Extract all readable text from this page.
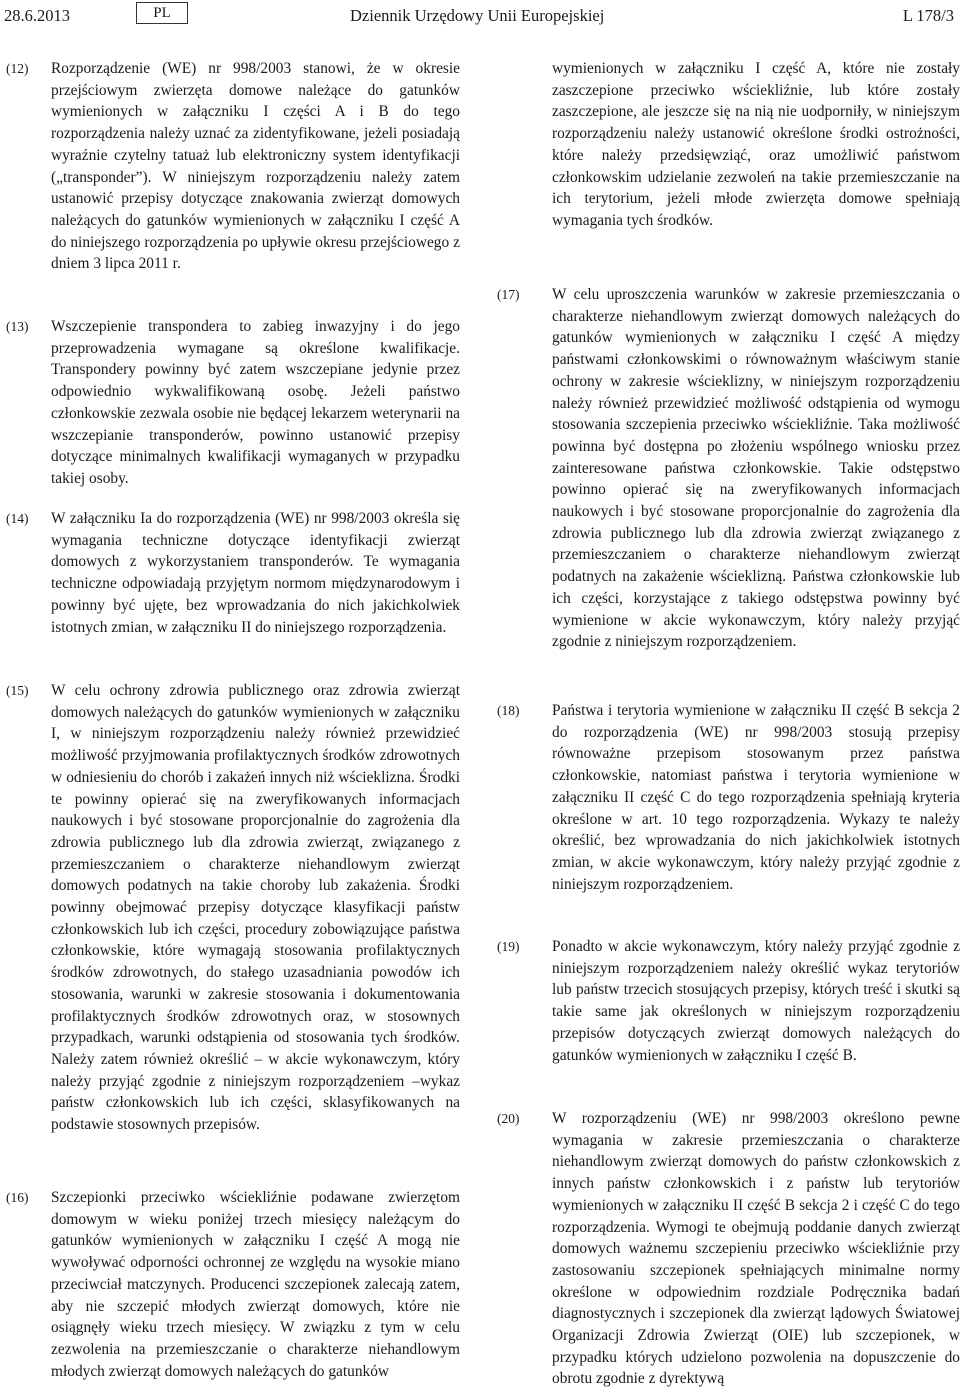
28.6.2013	PL	Dziennik Urzędowy Unii Europejskiej	L 178/3
(12) Rozporządzenie (WE) nr 998/2003 stanowi, że w okresie przejściowym zwierzęta domowe należące do gatunków wymienionych w załączniku I części A i B do tego rozporządzenia należy uznać za zidentyfikowane, jeżeli posiadają wyraźnie czytelny tatuaż lub elektroniczny system identyfikacji („transponder”). W niniejszym rozporządzeniu należy zatem ustanowić przepisy dotyczące znakowania zwierząt domowych należących do gatunków wymienionych w załączniku I część A do niniejszego rozporządzenia po upływie okresu przejściowego z dniem 3 lipca 2011 r.

(13) Wszczepienie transpondera to zabieg inwazyjny i do jego przeprowadzenia wymagane są określone kwalifikacje. Transpondery powinny być zatem wszczepiane jedynie przez odpowiednio wykwalifikowaną osobę. Jeżeli państwo członkowskie zezwala osobie nie będącej lekarzem weterynarii na wszczepianie transponderów, powinno ustanowić przepisy dotyczące minimalnych kwalifikacji wymaganych w przypadku takiej osoby.

(14) W załączniku Ia do rozporządzenia (WE) nr 998/2003 określa się wymagania techniczne dotyczące identyfikacji zwierząt domowych z wykorzystaniem transponderów. Te wymagania techniczne odpowiadają przyjętym normom międzynarodowym i powinny być ujęte, bez wprowadzania do nich jakichkolwiek istotnych zmian, w załączniku II do niniejszego rozporządzenia.

(15) W celu ochrony zdrowia publicznego oraz zdrowia zwierząt domowych należących do gatunków wymienionych w załączniku I, w niniejszym rozporządzeniu należy również przewidzieć możliwość przyjmowania profilaktycznych środków zdrowotnych w odniesieniu do chorób i zakażeń innych niż wścieklizna. Środki te powinny opierać się na zweryfikowanych informacjach naukowych i być stosowane proporcjonalnie do zagrożenia dla zdrowia publicznego lub dla zdrowia zwierząt, związanego z przemieszczaniem o charakterze niehandlowym zwierząt domowych podatnych na takie choroby lub zakażenia. Środki powinny obejmować przepisy dotyczące klasyfikacji państw członkowskich lub ich części, procedury zobowiązujące państwa członkowskie, które wymagają stosowania profilaktycznych środków zdrowotnych, do stałego uzasadniania powodów ich stosowania, warunki w zakresie stosowania i dokumentowania profilaktycznych środków zdrowotnych oraz, w stosownych przypadkach, warunki odstąpienia od stosowania tych środków. Należy zatem również określić – w akcie wykonawczym, który należy przyjąć zgodnie z niniejszym rozporządzeniem –wykaz państw członkowskich lub ich części, sklasyfikowanych na podstawie stosownych przepisów.

(16) Szczepionki przeciwko wściekliźnie podawane zwierzętom domowym w wieku poniżej trzech miesięcy należącym do gatunków wymienionych w załączniku I część A mogą nie wywoływać odporności ochronnej ze względu na wysokie miano przeciwciał matczynych. Producenci szczepionek zalecają zatem, aby nie szczepić młodych zwierząt domowych, które nie osiągnęły wieku trzech miesięcy. W związku z tym w celu zezwolenia na przemieszczanie o charakterze niehandlowym młodych zwierząt domowych należących do gatunków

wymienionych w załączniku I część A, które nie zostały zaszczepione przeciwko wściekliźnie, lub które zostały zaszczepione, ale jeszcze się na nią nie uodporniły, w niniejszym rozporządzeniu należy ustanowić określone środki ostrożności, które należy przedsięwziąć, oraz umożliwić państwom członkowskim udzielanie zezwoleń na takie przemieszczanie na ich terytorium, jeżeli młode zwierzęta domowe spełniają wymagania tych środków.

(17) W celu uproszczenia warunków w zakresie przemieszczania o charakterze niehandlowym zwierząt domowych należących do gatunków wymienionych w załączniku I część A między państwami członkowskimi o równoważnym właściwym stanie ochrony w zakresie wścieklizny, w niniejszym rozporządzeniu należy również przewidzieć możliwość odstąpienia od wymogu stosowania szczepienia przeciwko wściekliźnie. Taka możliwość powinna być dostępna po złożeniu wspólnego wniosku przez zainteresowane państwa członkowskie. Takie odstępstwo powinno opierać się na zweryfikowanych informacjach naukowych i być stosowane proporcjonalnie do zagrożenia dla zdrowia publicznego lub dla zdrowia zwierząt związanego z przemieszczaniem o charakterze niehandlowym zwierząt podatnych na zakażenie wścieklizną. Państwa członkowskie lub ich części, korzystające z takiego odstępstwa powinny być wymienione w akcie wykonawczym, który należy przyjąć zgodnie z niniejszym rozporządzeniem.

(18) Państwa i terytoria wymienione w załączniku II część B sekcja 2 do rozporządzenia (WE) nr 998/2003 stosują przepisy równoważne przepisom stosowanym przez państwa członkowskie, natomiast państwa i terytoria wymienione w załączniku II część C do tego rozporządzenia spełniają kryteria określone w art. 10 tego rozporządzenia. Wykazy te należy określić, bez wprowadzania do nich jakichkolwiek istotnych zmian, w akcie wykonawczym, który należy przyjąć zgodnie z niniejszym rozporządzeniem.

(19) Ponadto w akcie wykonawczym, który należy przyjąć zgodnie z niniejszym rozporządzeniem należy określić wykaz terytoriów lub państw trzecich stosujących przepisy, których treść i skutki są takie same jak określonych w niniejszym rozporządzeniu przepisów dotyczących zwierząt domowych należących do gatunków wymienionych w załączniku I część B.

(20) W rozporządzeniu (WE) nr 998/2003 określono pewne wymagania w zakresie przemieszczania o charakterze niehandlowym zwierząt domowych do państw członkowskich z innych państw członkowskich i z państw lub terytoriów wymienionych w załączniku II część B sekcja 2 i część C do tego rozporządzenia. Wymogi te obejmują poddanie danych zwierząt domowych ważnemu szczepieniu przeciwko wściekliźnie przy zastosowaniu szczepionek spełniających minimalne normy określone w odpowiednim rozdziale Podręcznika badań diagnostycznych i szczepionek dla zwierząt lądowych Światowej Organizacji Zdrowia Zwierząt (OIE) lub szczepionek, w przypadku których udzielono pozwolenia na dopuszczenie do obrotu zgodnie z dyrektywą
